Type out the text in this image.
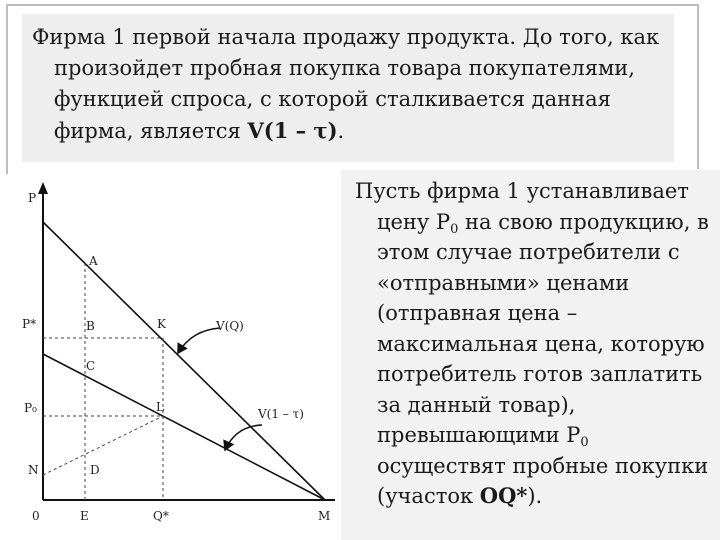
Фирма 1 первой начала продажу продукта. До того, как произойдет пробная покупка товара покупателями, функцией спроса, с которой сталкивается данная фирма, является V(1 – τ).

P
P*
P₀
N
0	E	Q*	M
A
B
C
D
K
L
V(Q)
V(1 – τ)

Пусть фирма 1 устанавливает цену $Р_0$ на свою продукцию, в этом случае потребители с «отправными» ценами (отправная цена – максимальная цена, которую потребитель готов заплатить за данный товар), превышающими $Р_0$ осуществят пробные покупки (участок OQ*).
